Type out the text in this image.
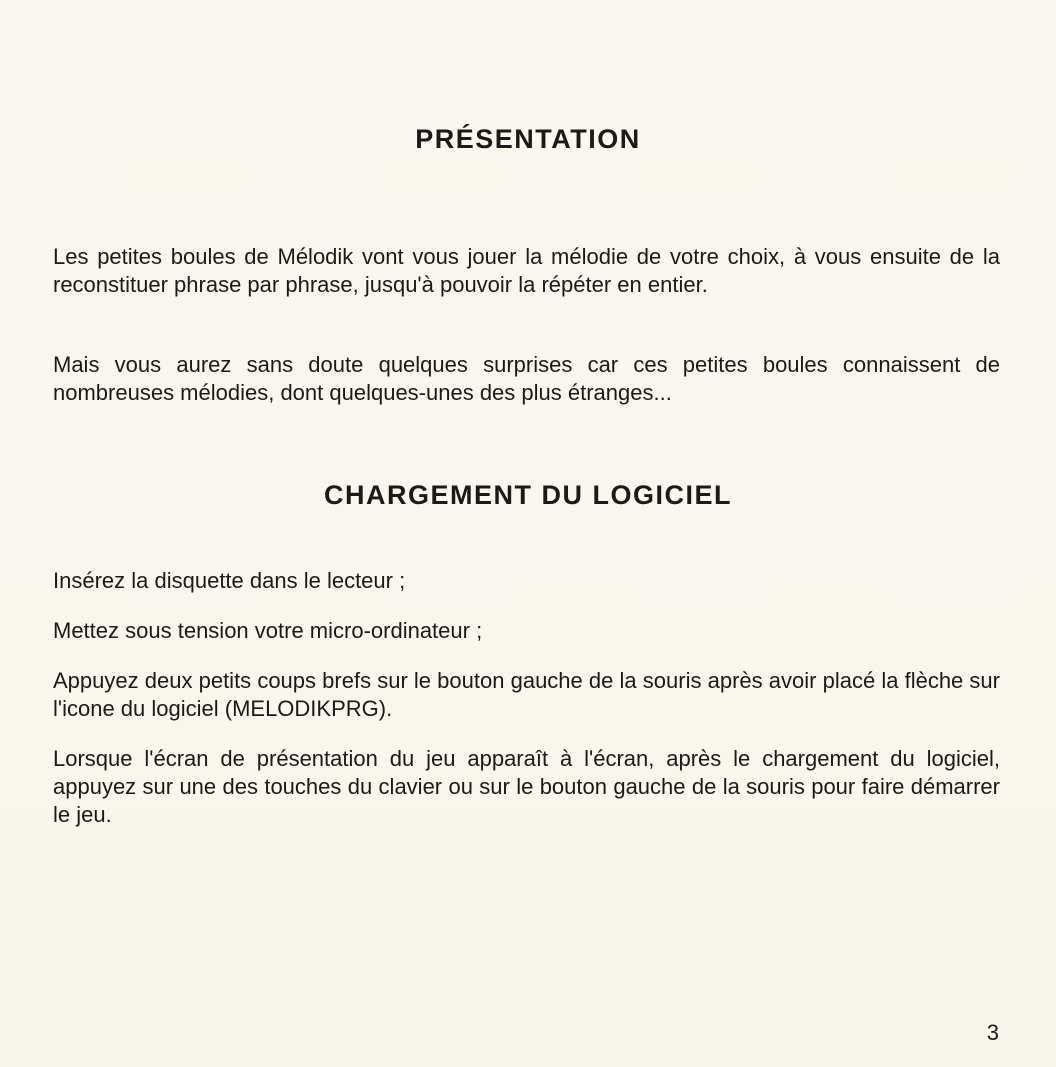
PRÉSENTATION

Les petites boules de Mélodik vont vous jouer la mélodie de votre choix, à vous ensuite de la reconstituer phrase par phrase, jusqu'à pouvoir la répéter en entier.

Mais vous aurez sans doute quelques surprises car ces petites boules connaissent de nombreuses mélodies, dont quelques-unes des plus étranges...

CHARGEMENT DU LOGICIEL

Insérez la disquette dans le lecteur ;

Mettez sous tension votre micro-ordinateur ;

Appuyez deux petits coups brefs sur le bouton gauche de la souris après avoir placé la flèche sur l'icone du logiciel (MELODIKPRG).

Lorsque l'écran de présentation du jeu apparaît à l'écran, après le chargement du logiciel, appuyez sur une des touches du clavier ou sur le bouton gauche de la souris pour faire démarrer le jeu.

3
